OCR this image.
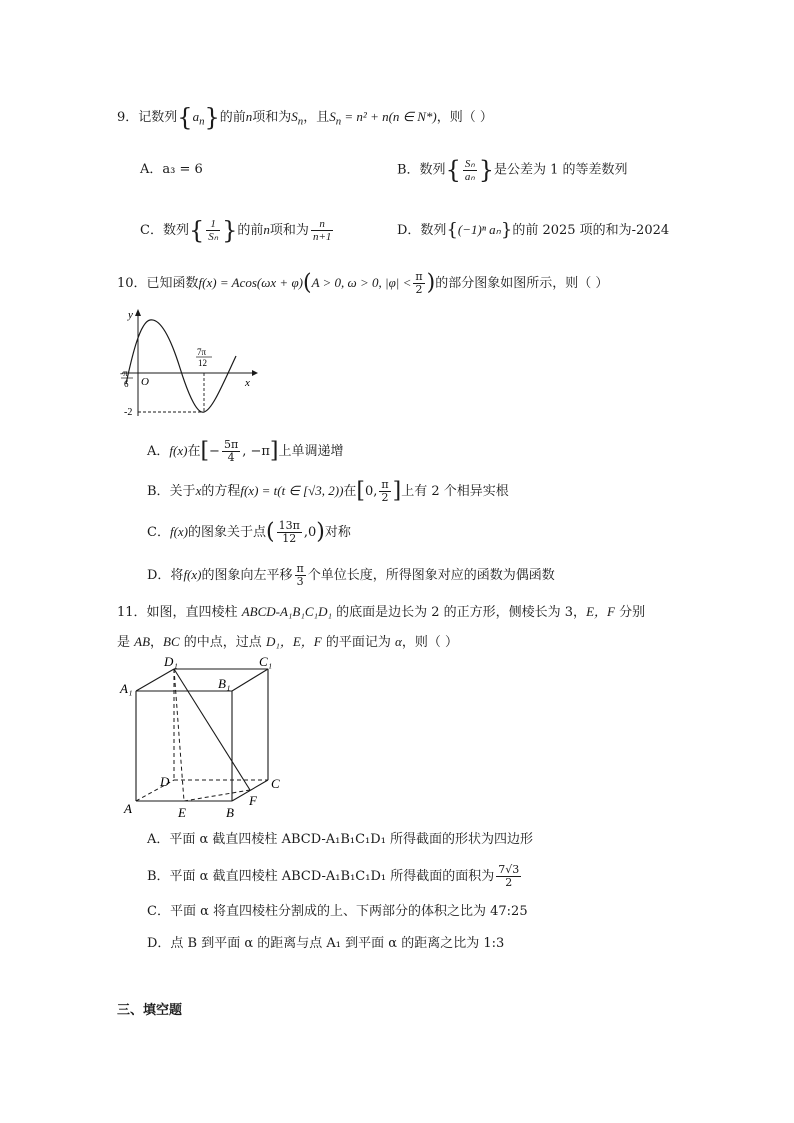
9．记数列$\{a_n\}$的前n项和为$S_n$，且$S_n = n^2 + n(n$ ∈ N*)，则（ ）
A．a₃ = 6	B．数列{ $\frac{\text{Sₙ}}{\text{aₙ}}$ }是公差为 1 的等差数列
C．数列{ $\frac{1}{\text{Sₙ}}$ }的前n项和为 $\frac{n}{n+1}$	D．数列{(−1)ⁿ aₙ}的前 2025 项的和为-2024
10．已知函数f(x) = Acos(ωx + φ)(A > 0, ω > 0, $|\varphi| < \frac{\pi}{2}$ )的部分图象如图所示，则（ ）
y
x
O
-π
6
7π
12
-2
A．f(x)在[− $\frac{5\pi}{4}$ , −π]上单调递增
B．关于x的方程f(x) = t(t ∈ [√3, 2))在[0, $\frac{\pi}{2}$ ]上有 2 个相异实根
C．f(x)的图象关于点( $\frac{13\pi}{12} ,0$)对称
D．将f(x)的图象向左平移 $\frac{\pi}{3}$ 个单位长度，所得图象对应的函数为偶函数
11．如图，直四棱柱 ABCD-A₁B₁C₁D₁ 的底面是边长为 2 的正方形，侧棱长为 3，E，F 分别
是 AB，BC 的中点，过点 D₁，E，F 的平面记为 α，则（ ）
D₁	C₁
A₁	B₁
D	C
A	E	B
F
A．平面 α 截直四棱柱 ABCD-A₁B₁C₁D₁ 所得截面的形状为四边形
B．平面 α 截直四棱柱 ABCD-A₁B₁C₁D₁ 所得截面的面积为 $\frac{7√3}{2}$
C．平面 α 将直四棱柱分割成的上、下两部分的体积之比为 47:25
D．点 B 到平面 α 的距离与点 A₁ 到平面 α 的距离之比为 1:3
三、填空题
